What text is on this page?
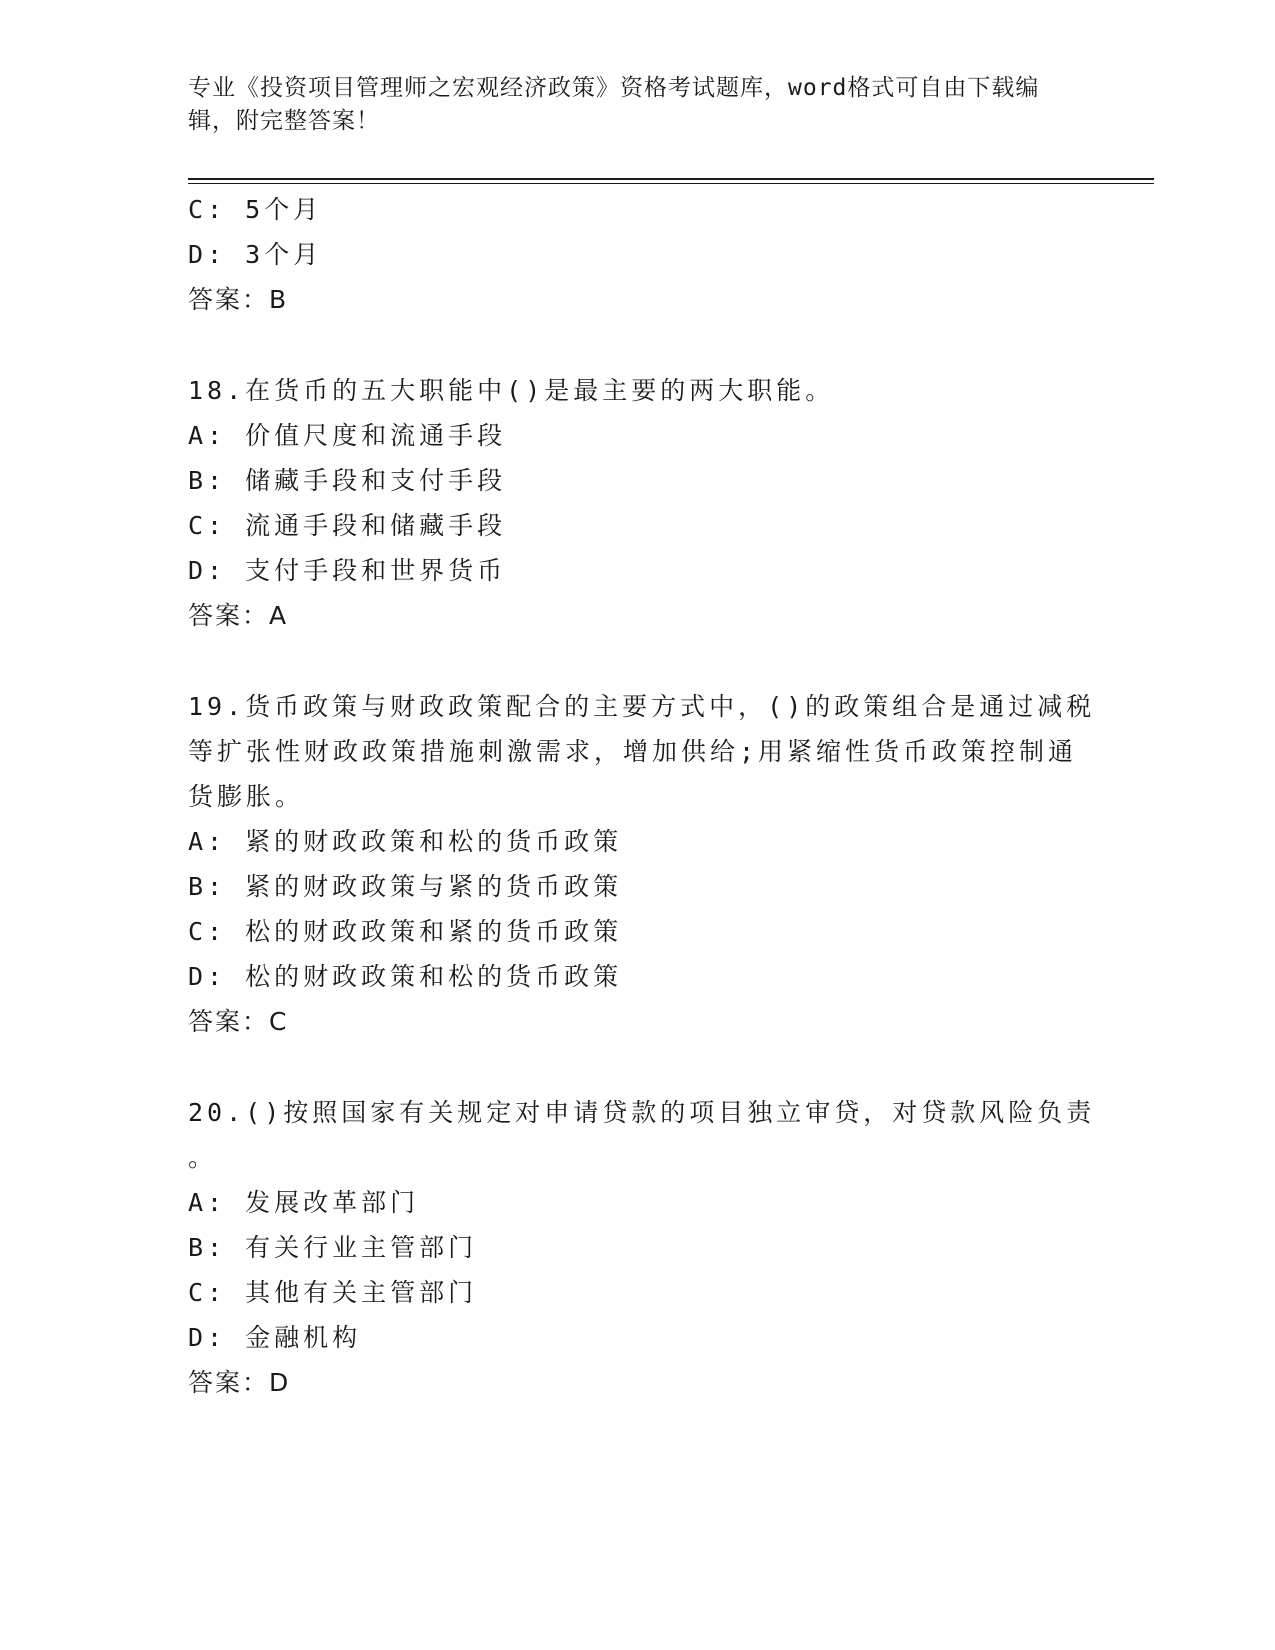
专业《投资项目管理师之宏观经济政策》资格考试题库，word格式可自由下载编
辑，附完整答案！
C: 5个月
D: 3个月
答案：B
18.在货币的五大职能中()是最主要的两大职能。
A: 价值尺度和流通手段
B: 储藏手段和支付手段
C: 流通手段和储藏手段
D: 支付手段和世界货币
答案：A
19.货币政策与财政政策配合的主要方式中，()的政策组合是通过减税
等扩张性财政政策措施刺激需求，增加供给;用紧缩性货币政策控制通
货膨胀。
A: 紧的财政政策和松的货币政策
B: 紧的财政政策与紧的货币政策
C: 松的财政政策和紧的货币政策
D: 松的财政政策和松的货币政策
答案：C
20.()按照国家有关规定对申请贷款的项目独立审贷，对贷款风险负责
。
A: 发展改革部门
B: 有关行业主管部门
C: 其他有关主管部门
D: 金融机构
答案：D
